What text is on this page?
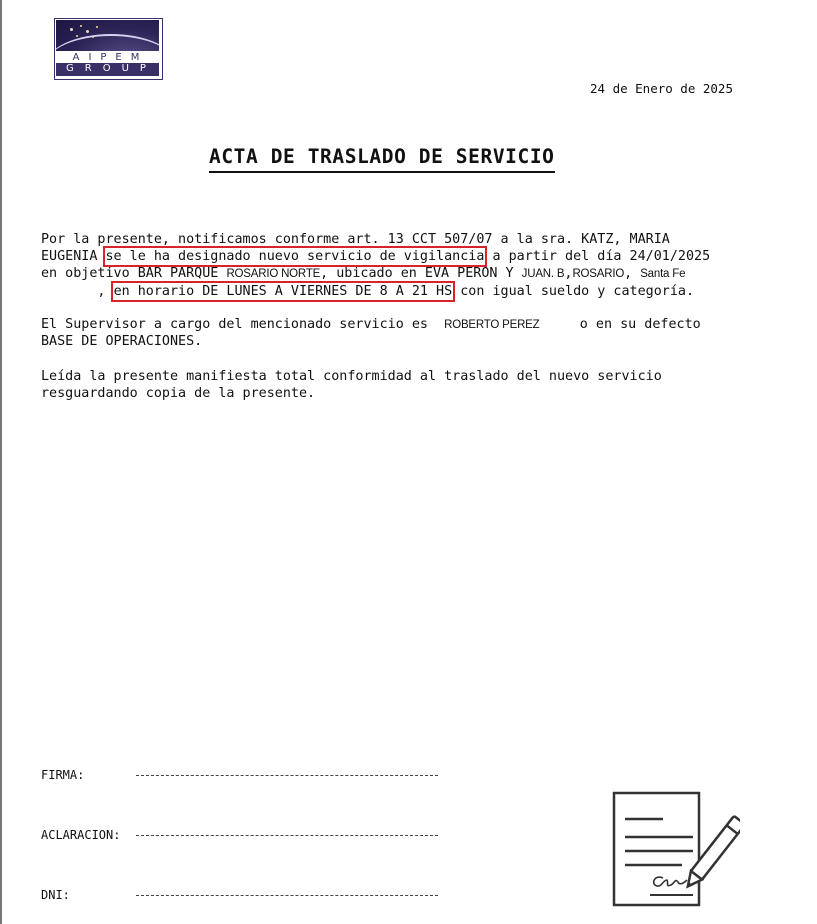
AIPEM
GROUP
24 de Enero de 2025
ACTA DE TRASLADO DE SERVICIO
Por la presente, notificamos conforme art. 13 CCT 507/07 a la sra. KATZ, MARIA
EUGENIA se le ha designado nuevo servicio de vigilancia a partir del día 24/01/2025
en objetivo BAR PARQUE ROSARIO NORTE, ubicado en EVA PERON Y JUAN. B,ROSARIO, Santa Fe
, en horario DE LUNES A VIERNES DE 8 A 21 HS con igual sueldo y categoría.
El Supervisor a cargo del mencionado servicio es  ROBERTO PEREZ     o en su defecto
BASE DE OPERACIONES.
Leída la presente manifiesta total conformidad al traslado del nuevo servicio
resguardando copia de la presente.
FIRMA:
ACLARACION:
DNI:
